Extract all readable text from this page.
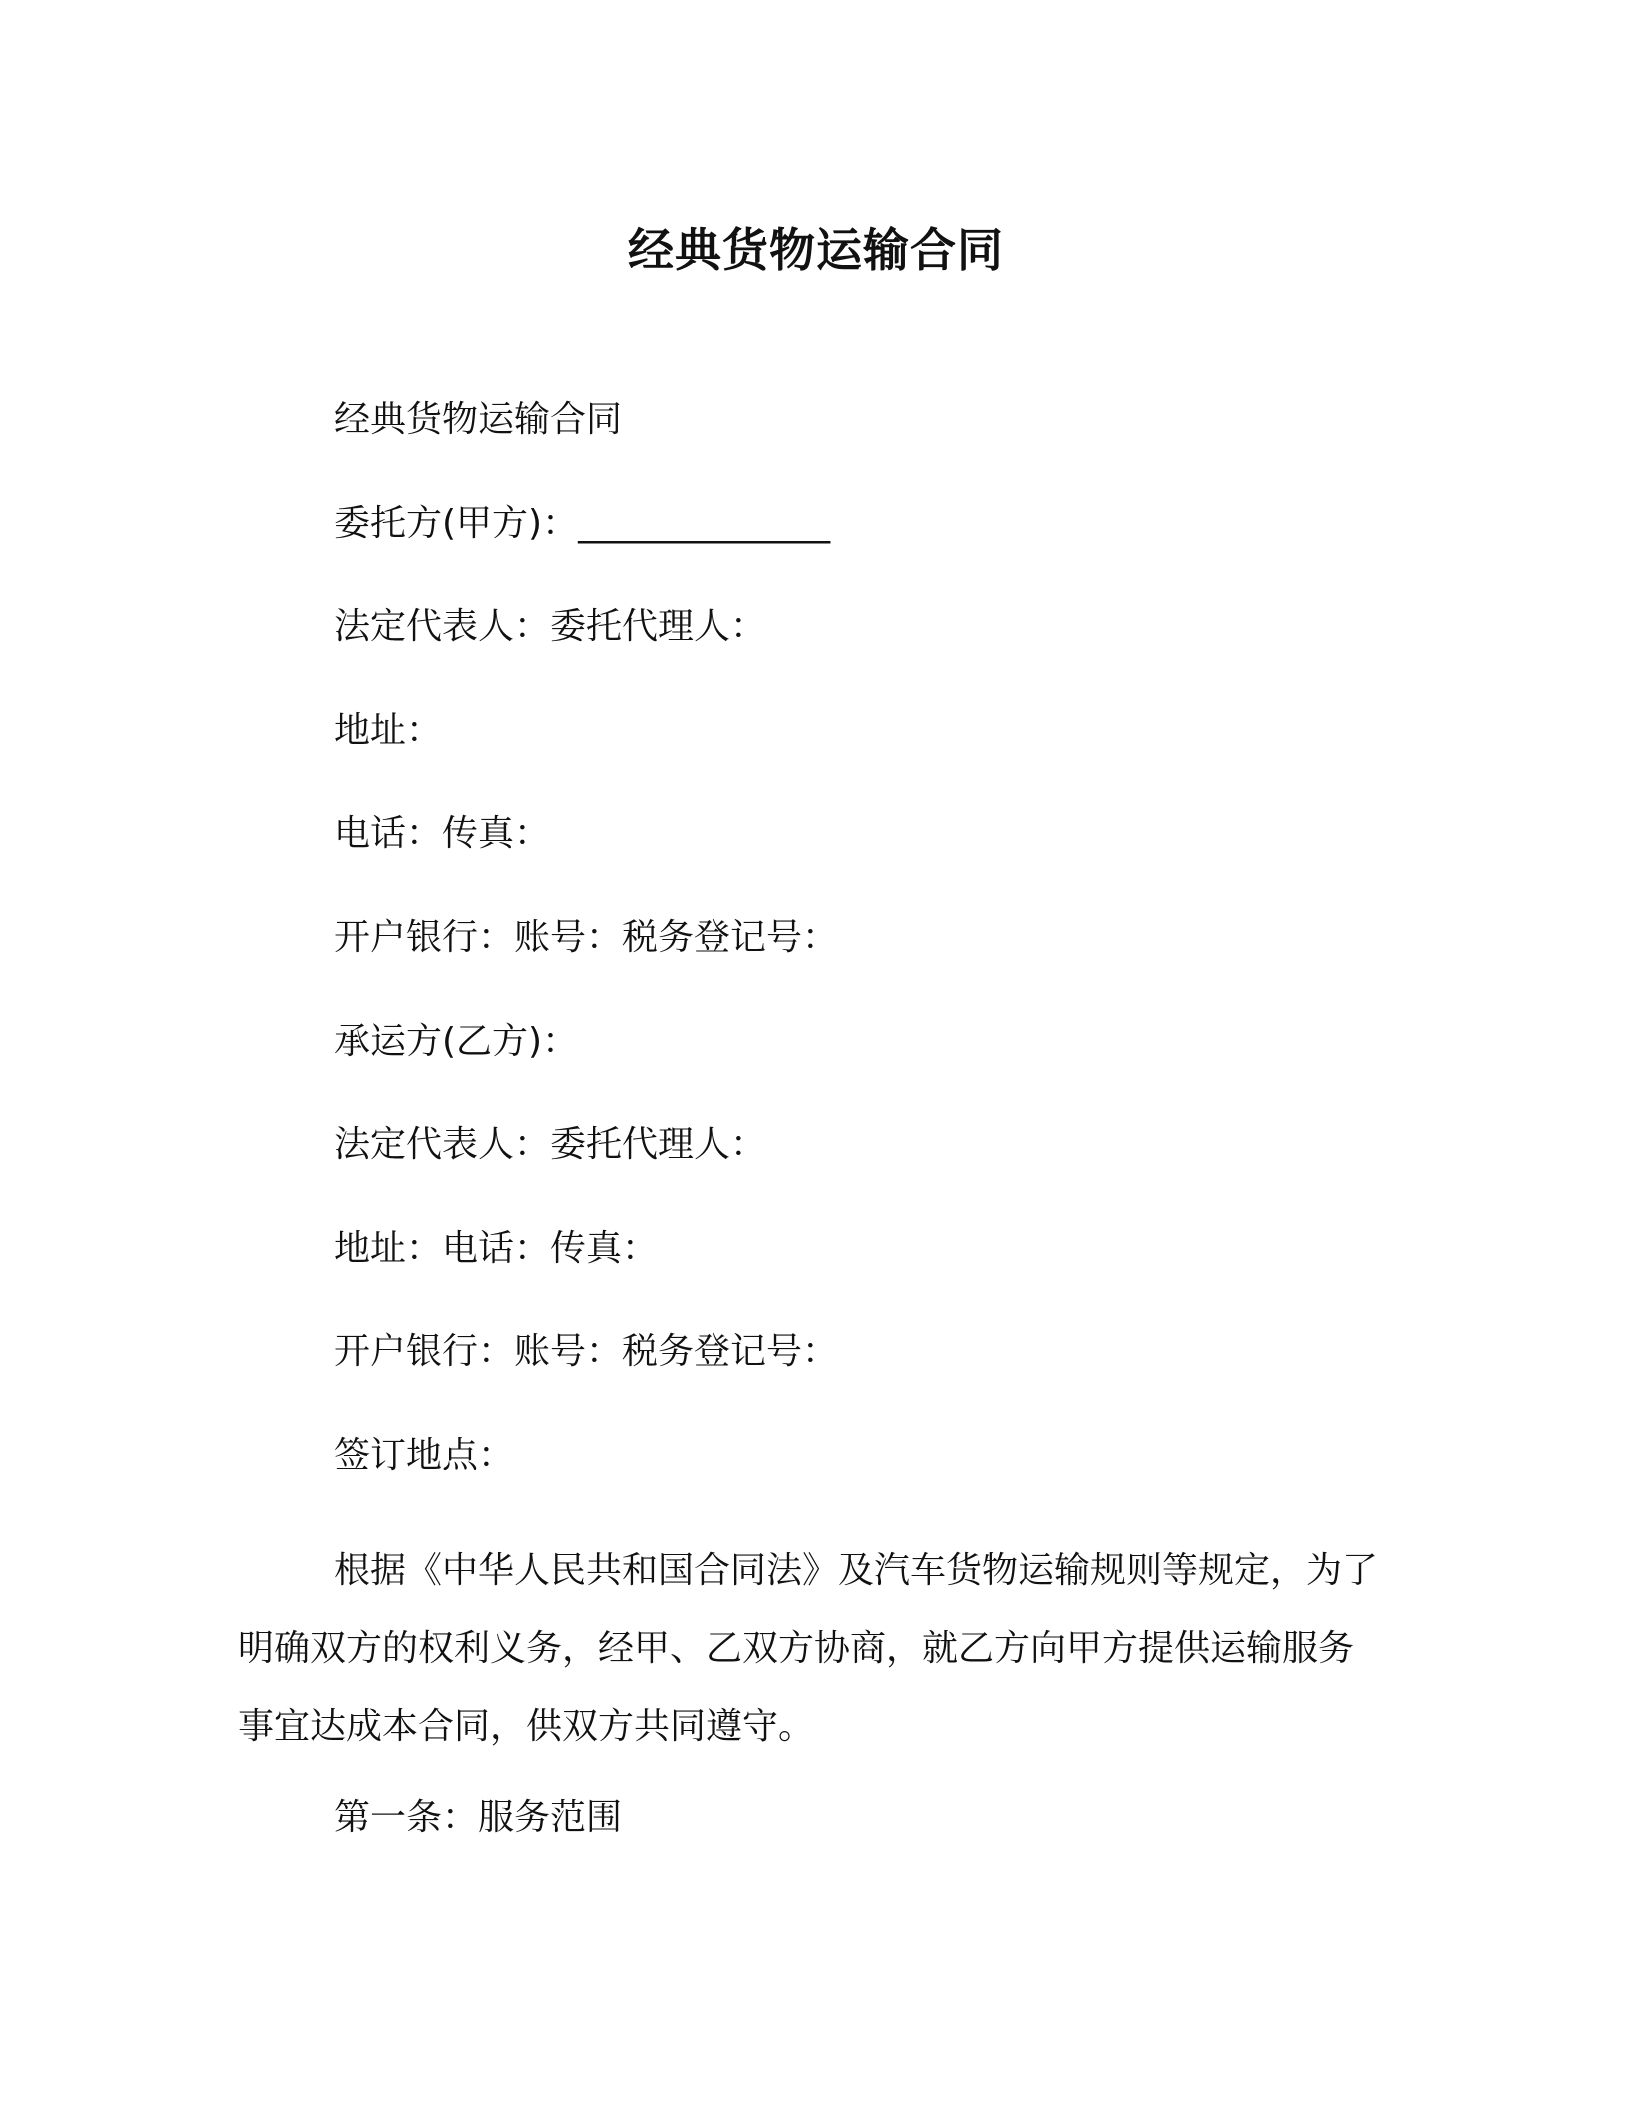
经典货物运输合同
经典货物运输合同
委托方(甲方)：______________
法定代表人：委托代理人：
地址：
电话：传真：
开户银行：账号：税务登记号：
承运方(乙方)：
法定代表人：委托代理人：
地址：电话：传真：
开户银行：账号：税务登记号：
签订地点：
根据《中华人民共和国合同法》及汽车货物运输规则等规定，为了明确双方的权利义务，经甲、乙双方协商，就乙方向甲方提供运输服务事宜达成本合同，供双方共同遵守。
第一条：服务范围
